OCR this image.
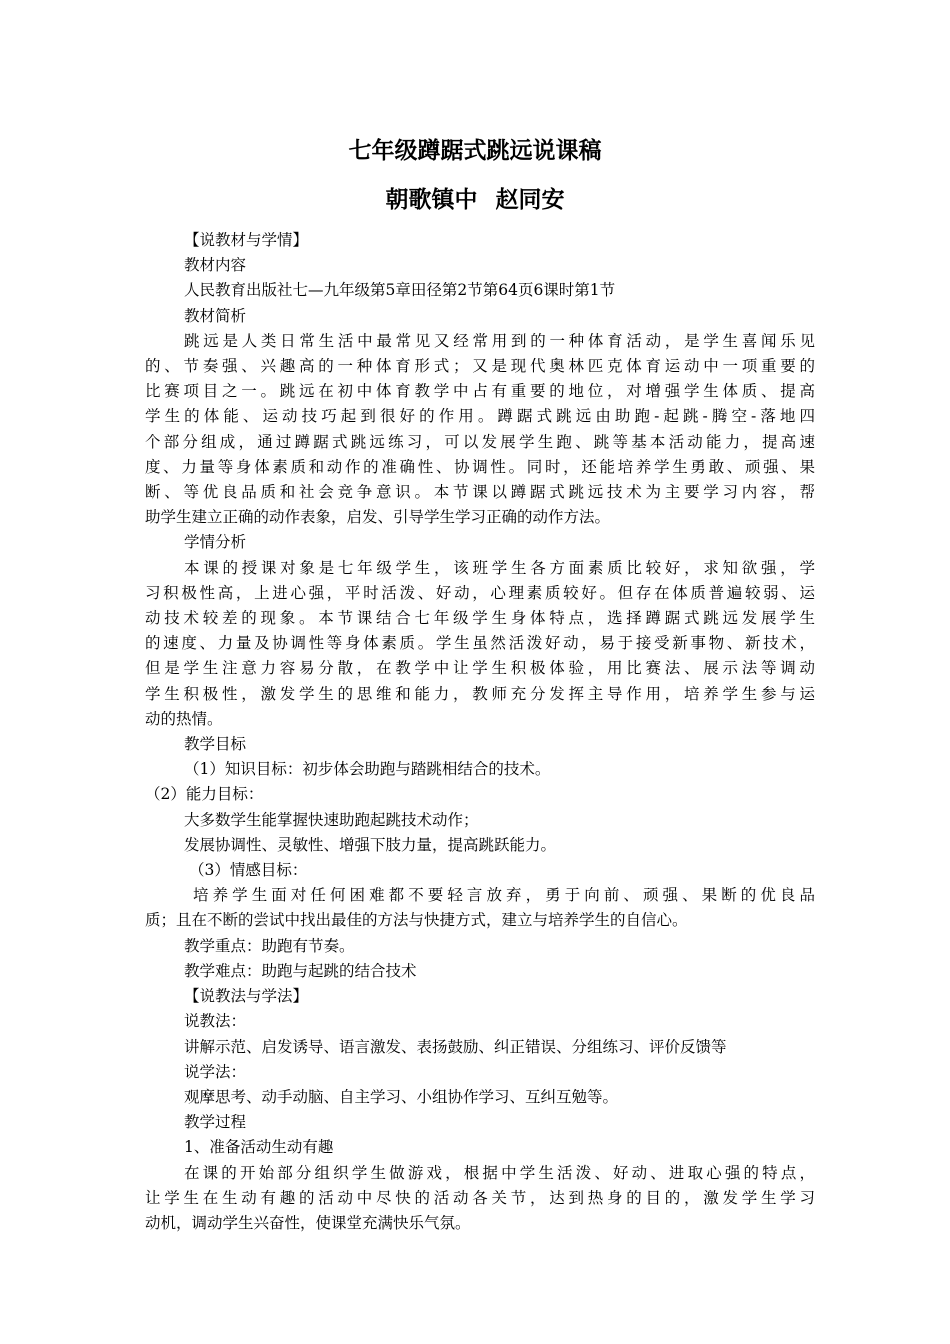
七年级蹲踞式跳远说课稿
朝歌镇中 赵同安

【说教材与学情】

教材内容

人民教育出版社七—九年级第5章田径第2节第64页6课时第1节

教材简析

跳远是人类日常生活中最常见又经常用到的一种体育活动，是学生喜闻乐见

的、节奏强、兴趣高的一种体育形式；又是现代奥林匹克体育运动中一项重要的

比赛项目之一。跳远在初中体育教学中占有重要的地位，对增强学生体质、提高

学生的体能、运动技巧起到很好的作用。蹲踞式跳远由助跑-起跳-腾空-落地四

个部分组成，通过蹲踞式跳远练习，可以发展学生跑、跳等基本活动能力，提高速

度、力量等身体素质和动作的准确性、协调性。同时，还能培养学生勇敢、顽强、果

断、等优良品质和社会竞争意识。本节课以蹲踞式跳远技术为主要学习内容，帮

助学生建立正确的动作表象，启发、引导学生学习正确的动作方法。

学情分析

本课的授课对象是七年级学生，该班学生各方面素质比较好，求知欲强，学

习积极性高，上进心强，平时活泼、好动，心理素质较好。但存在体质普遍较弱、运

动技术较差的现象。本节课结合七年级学生身体特点，选择蹲踞式跳远发展学生

的速度、力量及协调性等身体素质。学生虽然活泼好动，易于接受新事物、新技术，

但是学生注意力容易分散，在教学中让学生积极体验，用比赛法、展示法等调动

学生积极性，激发学生的思维和能力，教师充分发挥主导作用，培养学生参与运

动的热情。

教学目标

（1）知识目标：初步体会助跑与踏跳相结合的技术。

（2）能力目标：

大多数学生能掌握快速助跑起跳技术动作；

发展协调性、灵敏性、增强下肢力量，提高跳跃能力。

（3）情感目标：

培养学生面对任何困难都不要轻言放弃，勇于向前、顽强、果断的优良品

质；且在不断的尝试中找出最佳的方法与快捷方式，建立与培养学生的自信心。

教学重点：助跑有节奏。

教学难点：助跑与起跳的结合技术

【说教法与学法】

说教法：

讲解示范、启发诱导、语言激发、表扬鼓励、纠正错误、分组练习、评价反馈等

说学法：

观摩思考、动手动脑、自主学习、小组协作学习、互纠互勉等。

教学过程

1、准备活动生动有趣

在课的开始部分组织学生做游戏，根据中学生活泼、好动、进取心强的特点，

让学生在生动有趣的活动中尽快的活动各关节，达到热身的目的，激发学生学习

动机，调动学生兴奋性，使课堂充满快乐气氛。
